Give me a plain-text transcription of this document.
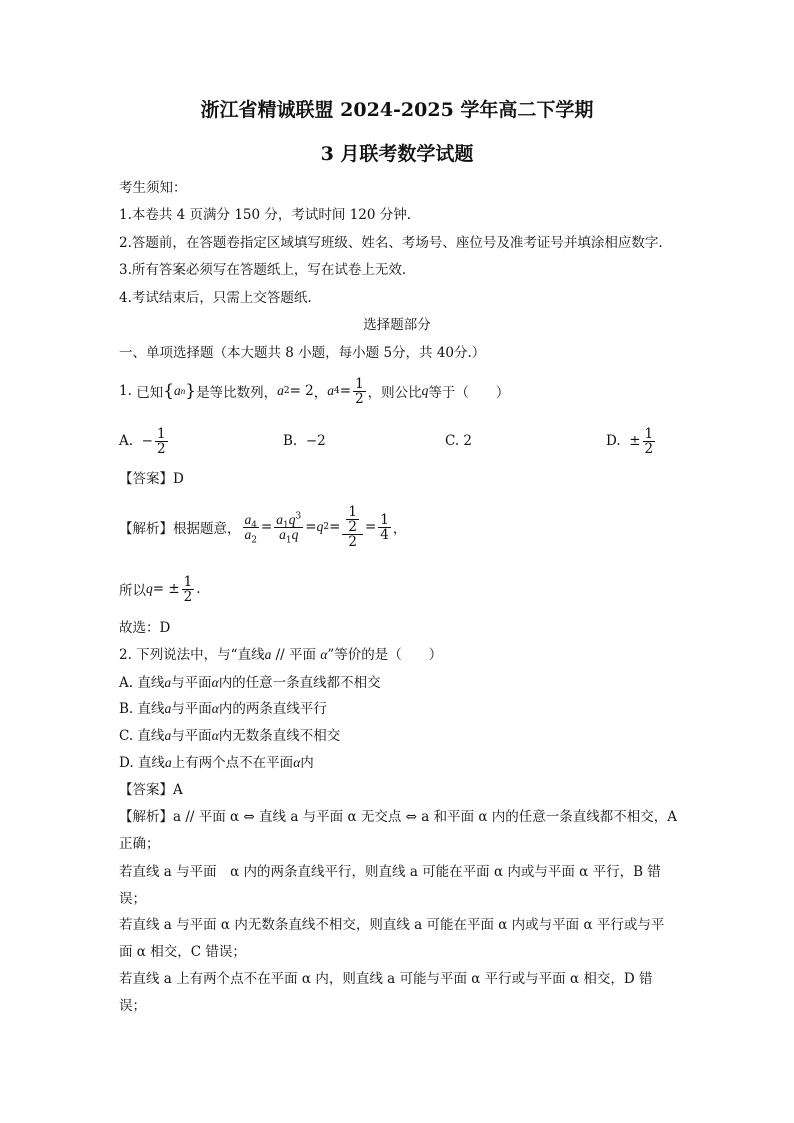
浙江省精诚联盟 2024-2025 学年高二下学期
3 月联考数学试题
考生须知：
1.本卷共 4 页满分 150 分，考试时间 120 分钟.
2.答题前，在答题卷指定区域填写班级、姓名、考场号、座位号及准考证号并填涂相应数字.
3.所有答案必须写在答题纸上，写在试卷上无效.
4.考试结束后，只需上交答题纸.
选择题部分
一、单项选择题（本大题共 8 小题，每小题 5分，共 40分.）
1.
已知 { a n } 是等比数列， a 2 = 2 ， a $4 = \frac{1}{2}$ ，则公比 q 等于（　　）
A.
− $\frac{1}{2}$	B.
−2	C. 2	D.
± $\frac{1}{2}$
【答案】D
【解析】根据题意， $\frac{a_4}{a_2} = \frac{a_1q^3}{a_1q} = q$ $2 = \frac{\frac{1}{2}}{2} = \frac{1}{4}$ ，
所以 q = ± $\frac{1}{2}$ .
故选：D
2. 下列说法中，与“直线a // 平面 α”等价的是（　　）
A. 直线a与平面α内的任意一条直线都不相交
B. 直线a与平面α内的两条直线平行
C. 直线a与平面α内无数条直线不相交
D. 直线a上有两个点不在平面α内
【答案】A
【解析】a // 平面 α ⇔ 直线 a 与平面 α 无交点 ⇔ a 和平面 α 内的任意一条直线都不相交，A
正确；
若直线 a 与平面　α 内的两条直线平行，则直线 a 可能在平面 α 内或与平面 α 平行，B 错
误；
若直线 a 与平面 α 内无数条直线不相交，则直线 a 可能在平面 α 内或与平面 α 平行或与平
面 α 相交，C 错误；
若直线 a 上有两个点不在平面 α 内，则直线 a 可能与平面 α 平行或与平面 α 相交，D 错
误；
